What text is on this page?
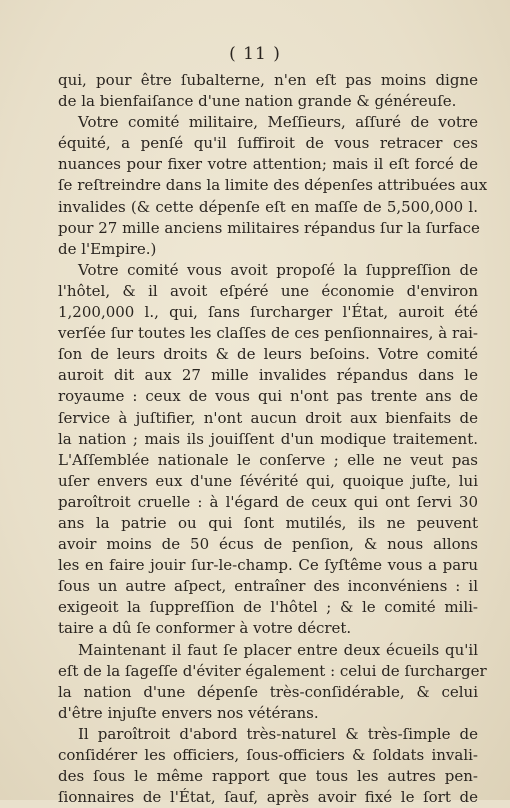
( 11 )
qui, pour être ſubalterne, n'en eſt pas moins digne
de la bienfaiſance d'une nation grande & généreuſe.
Votre comité militaire, Meſſieurs, aſſuré de votre
équité, a penſé qu'il ſuffiroit de vous retracer ces
nuances pour fixer votre attention; mais il eſt forcé de
ſe reſtreindre dans la limite des dépenſes attribuées aux
invalides (& cette dépenſe eſt en maſſe de 5,500,000 l.
pour 27 mille anciens militaires répandus ſur la ſurface
de l'Empire.)
Votre comité vous avoit propoſé la ſuppreſſion de
l'hôtel, & il avoit eſpéré une économie d'environ
1,200,000 l., qui, ſans ſurcharger l'État, auroit été
verſée ſur toutes les claſſes de ces penſionnaires, à rai-
ſon de leurs droits & de leurs beſoins. Votre comité
auroit dit aux 27 mille invalides répandus dans le
royaume : ceux de vous qui n'ont pas trente ans de
ſervice à juſtifier, n'ont aucun droit aux bienfaits de
la nation ; mais ils jouiſſent d'un modique traitement.
L'Aſſemblée nationale le conſerve ; elle ne veut pas
uſer envers eux d'une ſévérité qui, quoique juſte, lui
paroîtroit cruelle : à l'égard de ceux qui ont ſervi 30
ans la patrie ou qui ſont mutilés, ils ne peuvent
avoir moins de 50 écus de penſion, & nous allons
les en faire jouir ſur-le-champ. Ce ſyſtême vous a paru
ſous un autre aſpect, entraîner des inconvéniens : il
exigeoit la ſuppreſſion de l'hôtel ; & le comité mili-
taire a dû ſe conformer à votre décret.
Maintenant il faut ſe placer entre deux écueils qu'il
eſt de la ſageſſe d'éviter également : celui de ſurcharger
la nation d'une dépenſe très-conſidérable, & celui
d'être injuſte envers nos vétérans.
Il paroîtroit d'abord très-naturel & très-ſimple de
conſidérer les officiers, ſous-officiers & ſoldats invali-
des ſous le même rapport que tous les autres pen-
ſionnaires de l'État, ſauf, après avoir fixé le ſort de
